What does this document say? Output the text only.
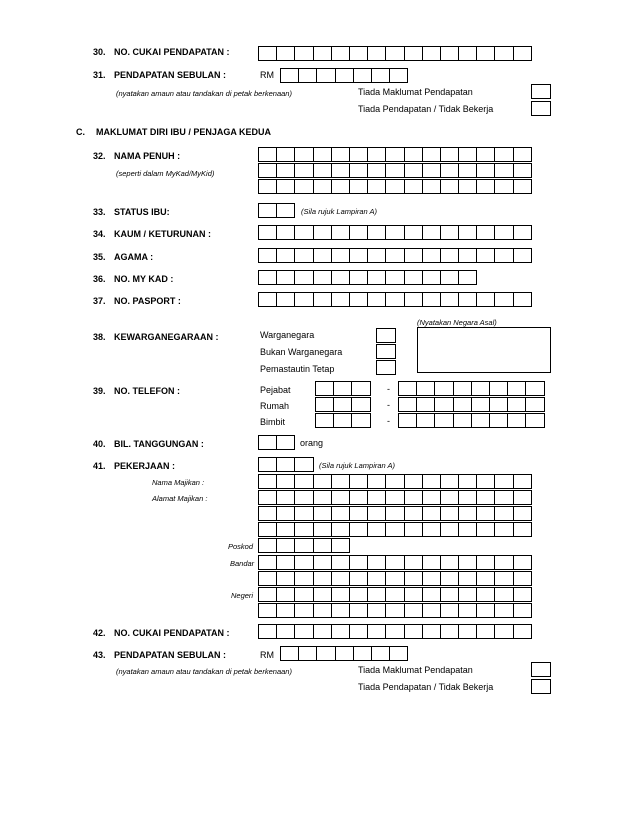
30. NO. CUKAI PENDAPATAN :
31. PENDAPATAN SEBULAN :	RM
(nyatakan amaun atau tandakan di petak berkenaan)	Tiada Maklumat Pendapatan
Tiada Pendapatan / Tidak Bekerja
C. MAKLUMAT DIRI IBU / PENJAGA KEDUA
32. NAMA PENUH :
(seperti dalam MyKad/MyKid)
33. STATUS IBU:	(Sila rujuk Lampiran A)
34. KAUM / KETURUNAN :
35. AGAMA :
36. NO. MY KAD :
37. NO. PASPORT :
(Nyatakan Negara Asal)
38. KEWARGANEGARAAN :	Warganegara
Bukan Warganegara
Pemastautin Tetap
39. NO. TELEFON :	Pejabat
Rumah
Bimbit
-
-
-
40. BIL. TANGGUNGAN :	orang
41. PEKERJAAN :	(Sila rujuk Lampiran A)
Nama Majikan :
Alamat Majikan :
Poskod
Bandar
Negeri
42. NO. CUKAI PENDAPATAN :
43. PENDAPATAN SEBULAN :	RM
(nyatakan amaun atau tandakan di petak berkenaan)	Tiada Maklumat Pendapatan
Tiada Pendapatan / Tidak Bekerja
